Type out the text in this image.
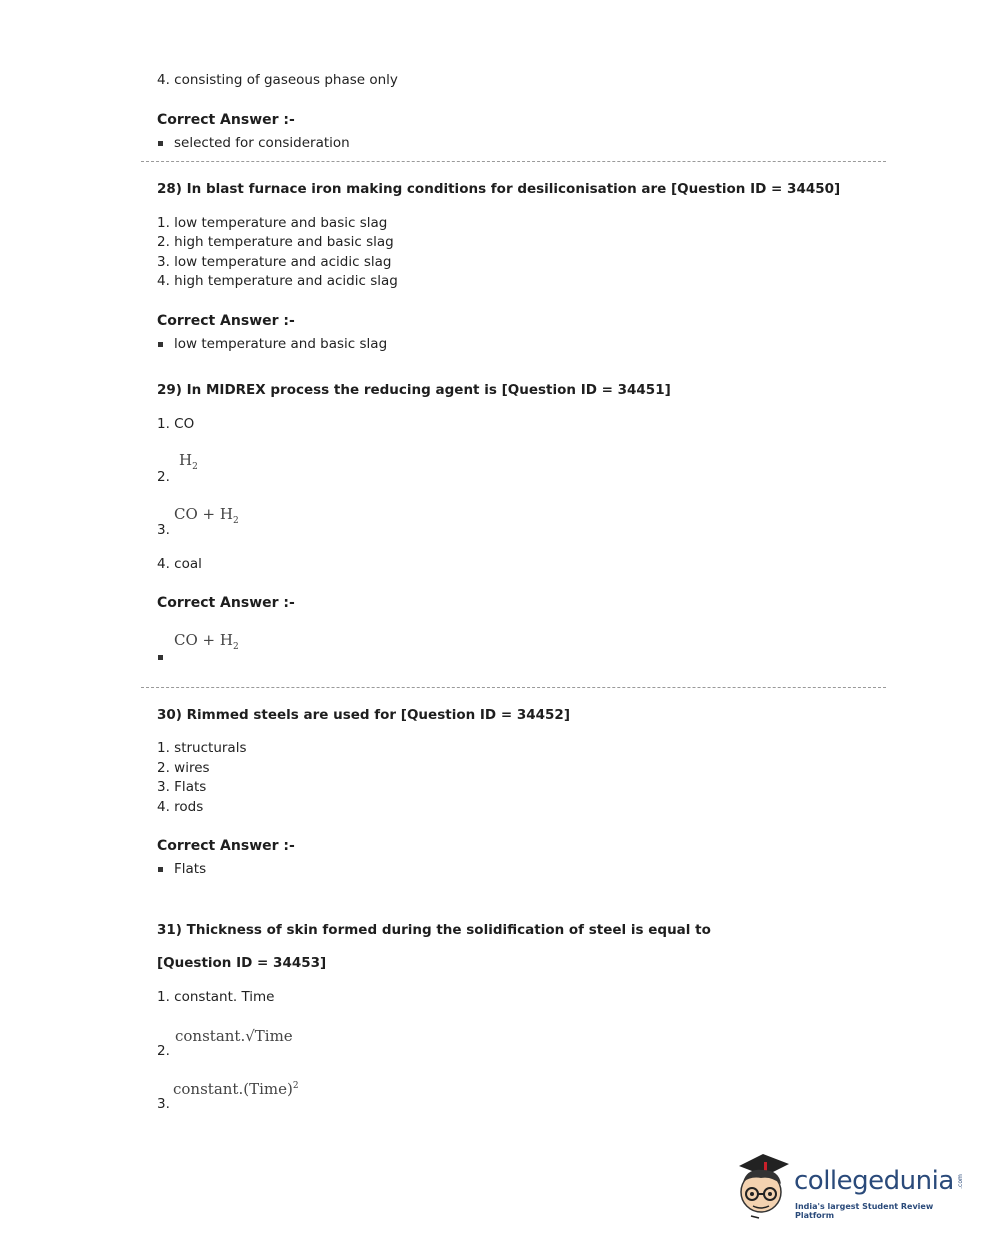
4. consisting of gaseous phase only
Correct Answer :-
selected for consideration
28) In blast furnace iron making conditions for desiliconisation are [Question ID = 34450]
1. low temperature and basic slag
2. high temperature and basic slag
3. low temperature and acidic slag
4. high temperature and acidic slag
Correct Answer :-
low temperature and basic slag
29) In MIDREX process the reducing agent is [Question ID = 34451]
1. CO
$H_2$
2.
CO + $H_2$
3.
4. coal
Correct Answer :-
CO + $H_2$
30) Rimmed steels are used for [Question ID = 34452]
1. structurals
2. wires
3. Flats
4. rods
Correct Answer :-
Flats
31) Thickness of skin formed during the solidification of steel is equal to
[Question ID = 34453]
1. constant. Time
constant.√Time
2.
constant.(Time)$^2$
3.
collegedunia .com
India's largest Student Review Platform
